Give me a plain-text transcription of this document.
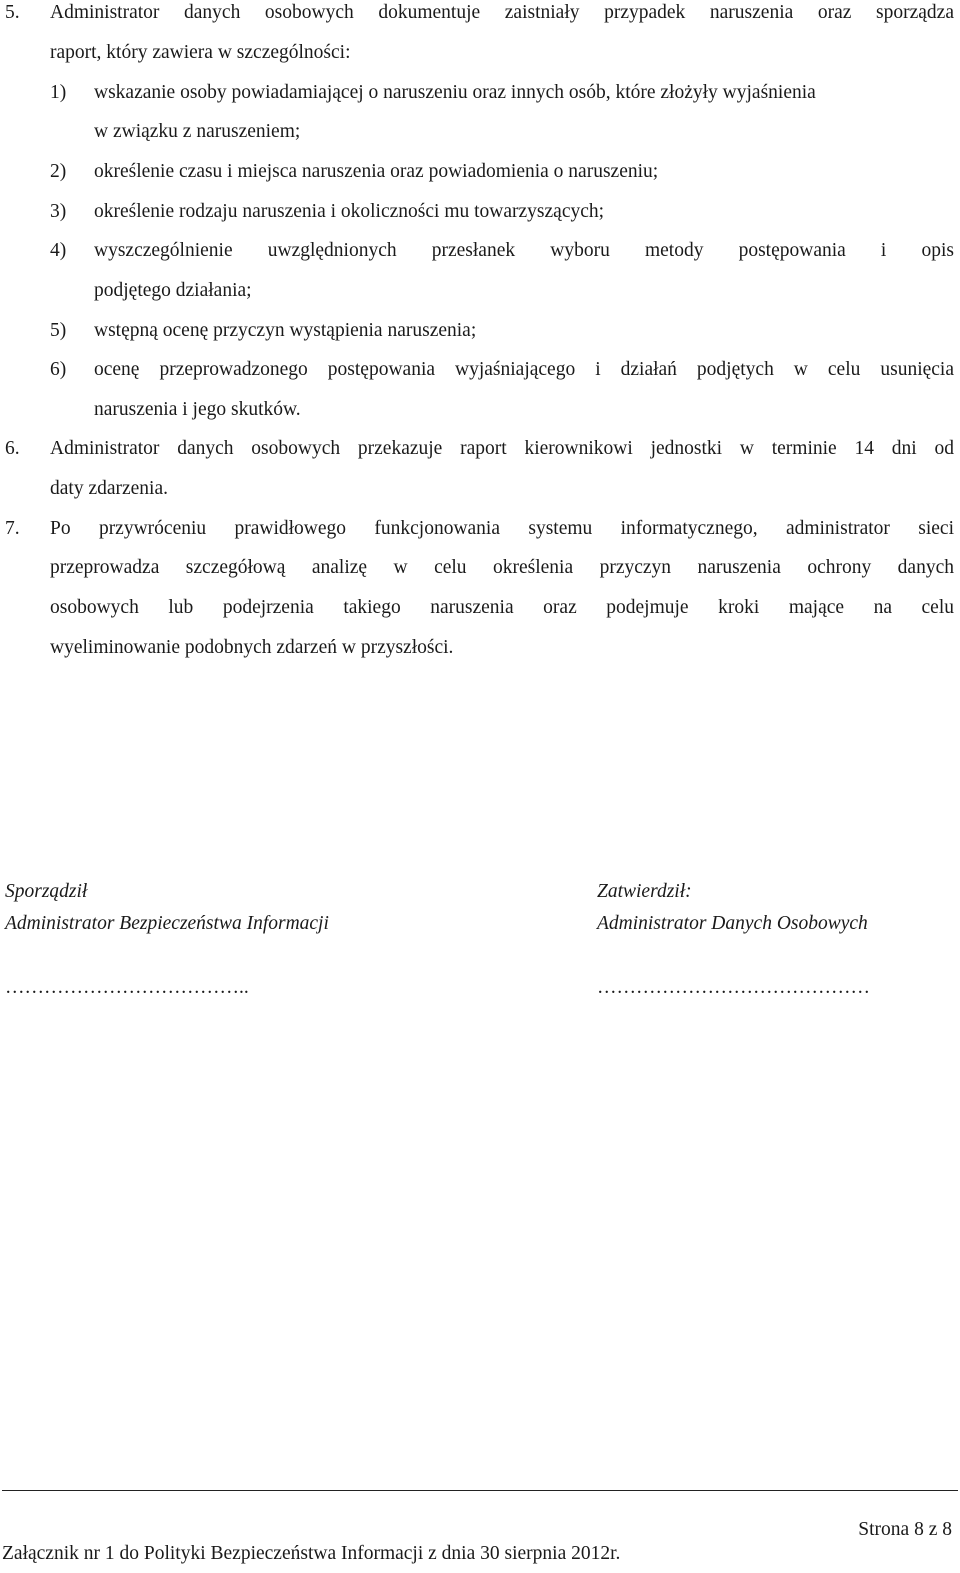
5. Administrator danych osobowych dokumentuje zaistniały przypadek naruszenia oraz sporządza
raport, który zawiera w szczególności:
1) wskazanie osoby powiadamiającej o naruszeniu oraz innych osób, które złożyły wyjaśnienia
w związku z naruszeniem;
2) określenie czasu i miejsca naruszenia oraz powiadomienia o naruszeniu;
3) określenie rodzaju naruszenia i okoliczności mu towarzyszących;
4) wyszczególnienie uwzględnionych przesłanek wyboru metody postępowania i opis
podjętego działania;
5) wstępną ocenę przyczyn wystąpienia naruszenia;
6) ocenę przeprowadzonego postępowania wyjaśniającego i działań podjętych w celu usunięcia
naruszenia i jego skutków.
6. Administrator danych osobowych przekazuje raport kierownikowi jednostki w terminie 14 dni od
daty zdarzenia.
7. Po przywróceniu prawidłowego funkcjonowania systemu informatycznego, administrator sieci
przeprowadza szczegółową analizę w celu określenia przyczyn naruszenia ochrony danych
osobowych lub podejrzenia takiego naruszenia oraz podejmuje kroki mające na celu
wyeliminowanie podobnych zdarzeń w przyszłości.
Sporządził
Administrator Bezpieczeństwa Informacji
………………………………..
Zatwierdził:
Administrator Danych Osobowych
……………………………………
Strona 8 z 8
Załącznik nr 1 do Polityki Bezpieczeństwa Informacji z dnia 30 sierpnia 2012r.
